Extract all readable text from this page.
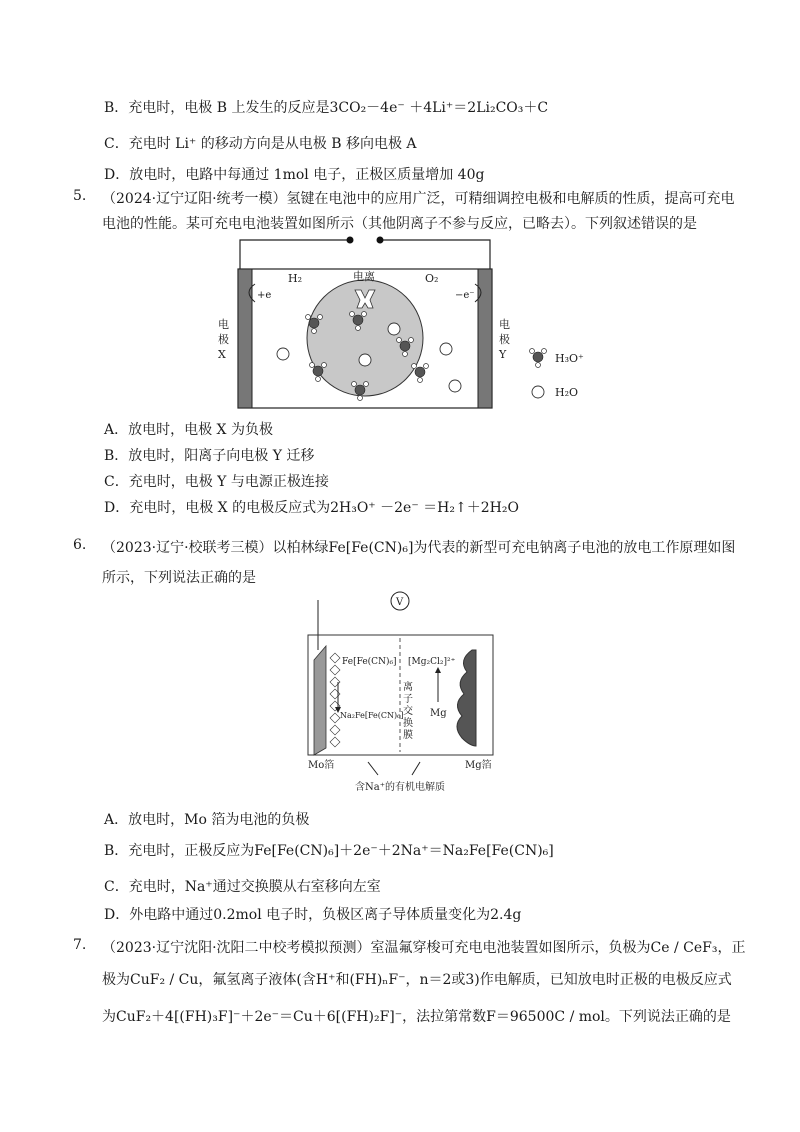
B．充电时，电极 B 上发生的反应是3CO₂－4e⁻ ＋4Li⁺＝2Li₂CO₃＋C
C．充电时 Li⁺ 的移动方向是从电极 B 移向电极 A
D．放电时，电路中每通过 1mol 电子，正极区质量增加 40g
5. （2024·辽宁辽阳·统考一模）氢键在电池中的应用广泛，可精细调控电极和电解质的性质，提高可充电
电池的性能。某可充电电池装置如图所示（其他阴离子不参与反应，已略去）。下列叙述错误的是
H₂	电离	O₂
+e	−e⁻
电
极
X
电
极
Y	H₃O⁺
H₂O
A．放电时，电极 X 为负极
B．放电时，阳离子向电极 Y 迁移
C．充电时，电极 Y 与电源正极连接
D．充电时，电极 X 的电极反应式为2H₃O⁺ －2e⁻ ＝H₂↑＋2H₂O
6. （2023·辽宁·校联考三模）以柏林绿Fe[Fe(CN)₆]为代表的新型可充电钠离子电池的放电工作原理如图
所示，下列说法正确的是
V
Fe[Fe(CN)₆]
Na₂Fe[Fe(CN)₆]
[Mg₂Cl₂]²⁺
Mg
离
子
交
换
膜
Mo箔	Mg箔
含Na⁺的有机电解质
A．放电时，Mo 箔为电池的负极
B．充电时，正极反应为Fe[Fe(CN)₆]＋2e⁻＋2Na⁺＝Na₂Fe[Fe(CN)₆]
C．充电时，Na⁺通过交换膜从右室移向左室
D．外电路中通过0.2mol 电子时，负极区离子导体质量变化为2.4g
7. （2023·辽宁沈阳·沈阳二中校考模拟预测）室温氟穿梭可充电电池装置如图所示，负极为Ce / CeF₃，正
极为CuF₂ / Cu，氟氢离子液体(含H⁺和(FH)ₙF⁻，n＝2或3)作电解质，已知放电时正极的电极反应式
为CuF₂＋4[(FH)₃F]⁻＋2e⁻＝Cu＋6[(FH)₂F]⁻，法拉第常数F＝96500C / mol。下列说法正确的是
